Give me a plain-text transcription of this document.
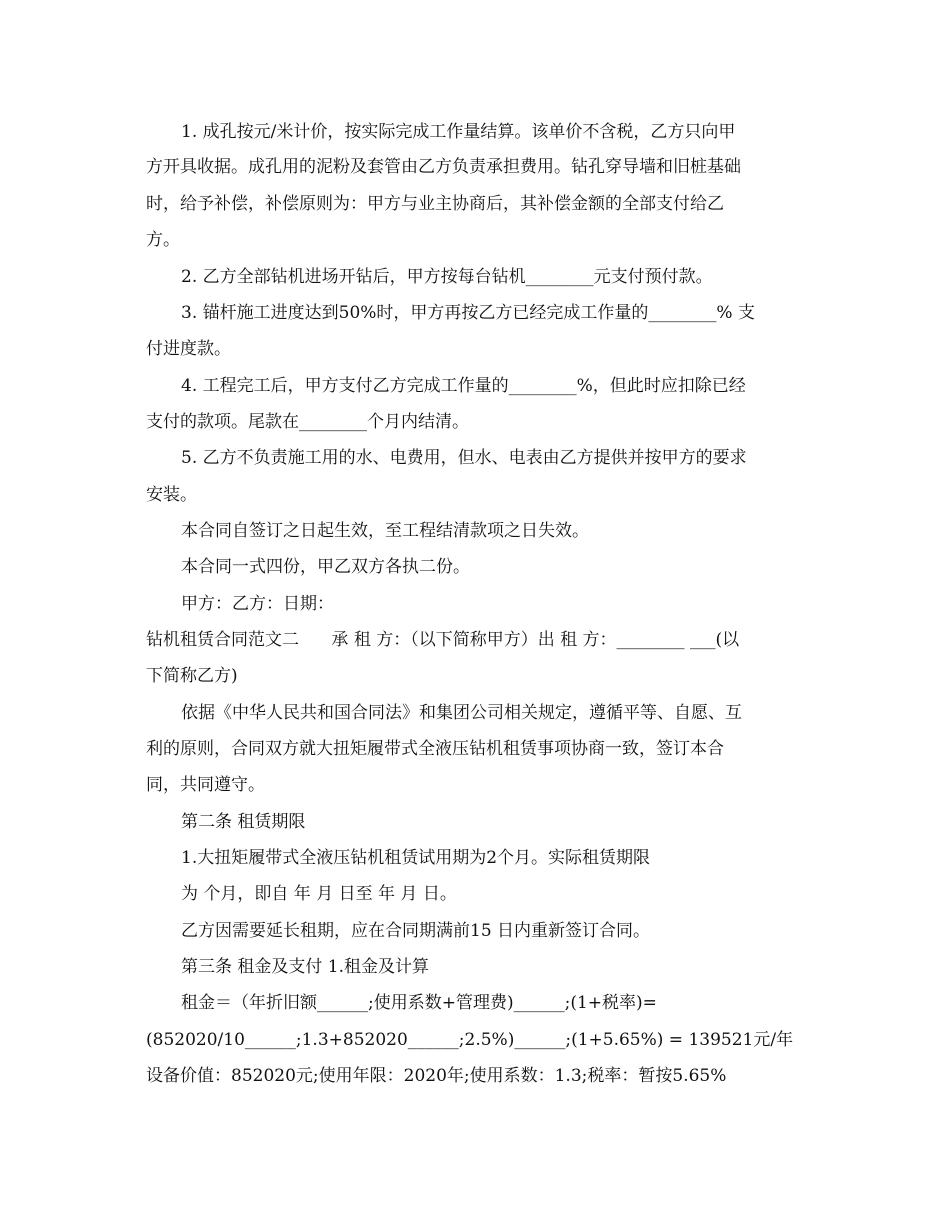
1. 成孔按元/米计价，按实际完成工作量结算。该单价不含税，乙方只向甲
方开具收据。成孔用的泥粉及套管由乙方负责承担费用。钻孔穿导墙和旧桩基础
时，给予补偿，补偿原则为：甲方与业主协商后，其补偿金额的全部支付给乙
方。
2. 乙方全部钻机进场开钻后，甲方按每台钻机________元支付预付款。
3. 锚杆施工进度达到50%时，甲方再按乙方已经完成工作量的________% 支
付进度款。
4. 工程完工后，甲方支付乙方完成工作量的________%，但此时应扣除已经
支付的款项。尾款在________个月内结清。
5. 乙方不负责施工用的水、电费用，但水、电表由乙方提供并按甲方的要求
安装。
本合同自签订之日起生效，至工程结清款项之日失效。
本合同一式四份，甲乙双方各执二份。
甲方：乙方：日期：
钻机租赁合同范文二      承 租 方：（以下简称甲方）出 租 方：________ ___(以
下简称乙方)
依据《中华人民共和国合同法》和集团公司相关规定，遵循平等、自愿、互
利的原则，合同双方就大扭矩履带式全液压钻机租赁事项协商一致，签订本合
同，共同遵守。
第二条 租赁期限
1.大扭矩履带式全液压钻机租赁试用期为2个月。实际租赁期限
为 个月，即自 年 月 日至 年 月 日。
乙方因需要延长租期，应在合同期满前15 日内重新签订合同。
第三条 租金及支付 1.租金及计算
租金＝（年折旧额______;使用系数+管理费)______;(1+税率)=
(852020/10______;1.3+852020______;2.5%)______;(1+5.65%) = 139521元/年
设备价值：852020元;使用年限：2020年;使用系数：1.3;税率：暂按5.65%
